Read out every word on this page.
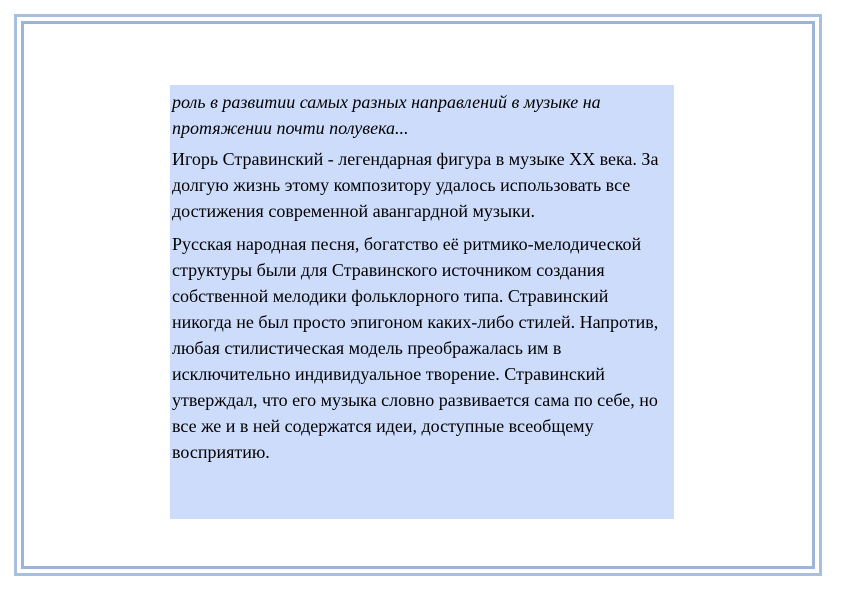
роль в развитии самых разных направлений в музыке на протяжении почти полувека...

Игорь Стравинский - легендарная фигура в музыке XX века. За долгую жизнь этому композитору удалось использовать все достижения современной авангардной музыки.

Русская народная песня, богатство её ритмико-мелодической структуры были для Стравинского источником создания собственной мелодики фольклорного типа. Стравинский никогда не был просто эпигоном каких-либо стилей. Напротив, любая стилистическая модель преображалась им в исключительно индивидуальное творение. Стравинский утверждал, что его музыка словно развивается сама по себе, но все же и в ней содержатся идеи, доступные всеобщему восприятию.
